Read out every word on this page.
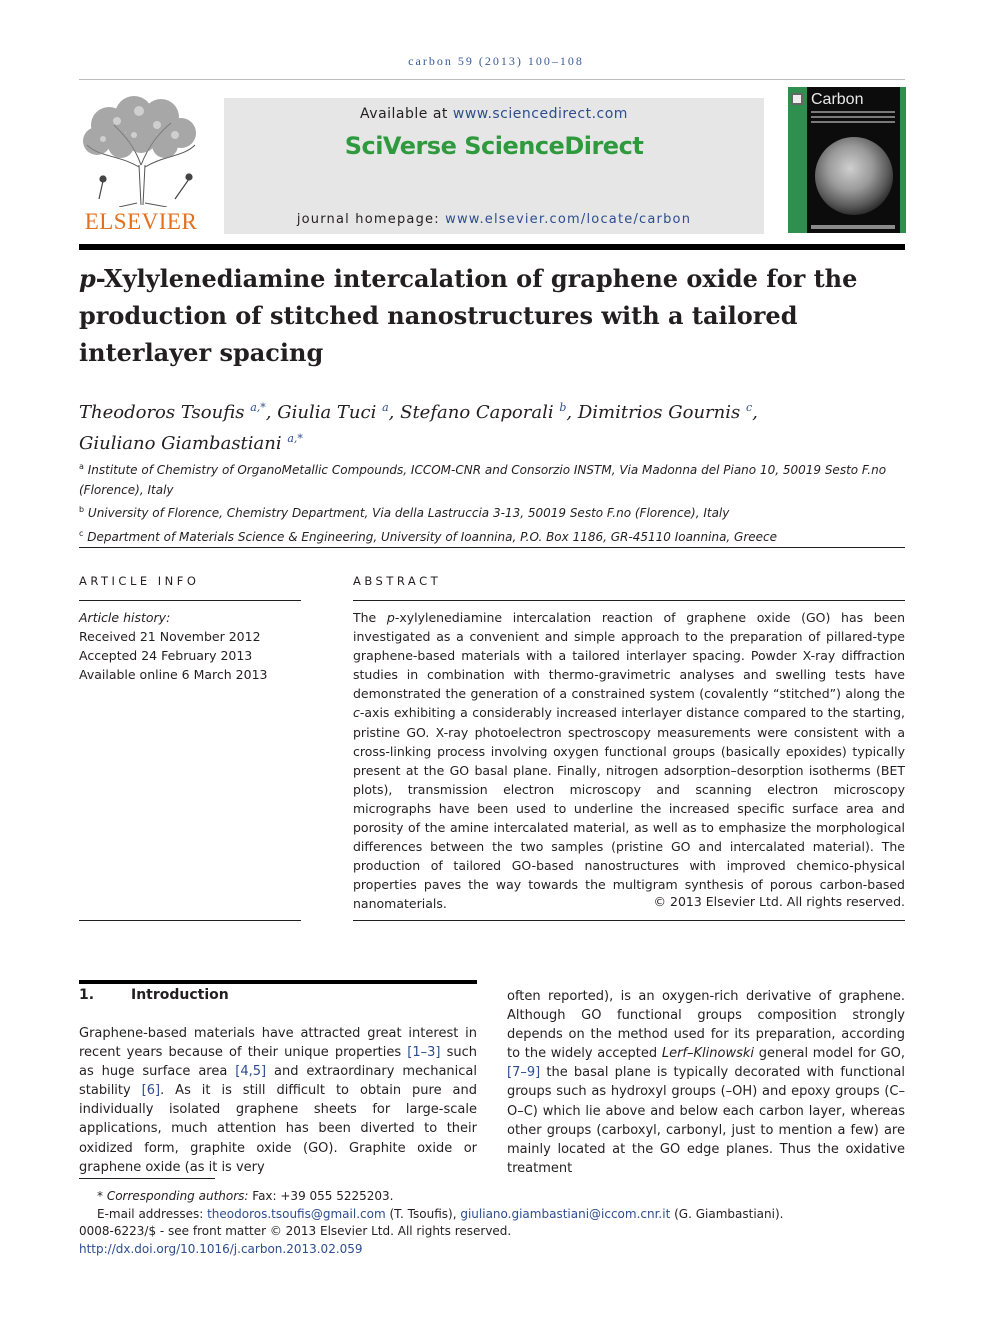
carbon 59 (2013) 100–108
ELSEVIER
Available at www.sciencedirect.com
SciVerse ScienceDirect
journal homepage: www.elsevier.com/locate/carbon
Carbon
p-Xylylenediamine intercalation of graphene oxide for the production of stitched nanostructures with a tailored interlayer spacing
Theodoros Tsoufis $^{a,*}$, Giulia Tuci $^a$, Stefano Caporali $^b$, Dimitrios Gournis $^c$,
Giuliano Giambastiani $^{a,*}$
$^a$ Institute of Chemistry of OrganoMetallic Compounds, ICCOM-CNR and Consorzio INSTM, Via Madonna del Piano 10, 50019 Sesto F.no (Florence), Italy
$^b$ University of Florence, Chemistry Department, Via della Lastruccia 3-13, 50019 Sesto F.no (Florence), Italy
$^c$ Department of Materials Science & Engineering, University of Ioannina, P.O. Box 1186, GR-45110 Ioannina, Greece
ARTICLE INFO	ABSTRACT
Article history:
Received 21 November 2012
Accepted 24 February 2013
Available online 6 March 2013
The p-xylylenediamine intercalation reaction of graphene oxide (GO) has been investigated as a convenient and simple approach to the preparation of pillared-type graphene-based materials with a tailored interlayer spacing. Powder X-ray diffraction studies in combination with thermo-gravimetric analyses and swelling tests have demonstrated the generation of a constrained system (covalently “stitched”) along the c-axis exhibiting a considerably increased interlayer distance compared to the starting, pristine GO. X-ray photoelectron spectroscopy measurements were consistent with a cross-linking process involving oxygen functional groups (basically epoxides) typically present at the GO basal plane. Finally, nitrogen adsorption–desorption isotherms (BET plots), transmission electron microscopy and scanning electron microscopy micrographs have been used to underline the increased specific surface area and porosity of the amine intercalated material, as well as to emphasize the morphological differences between the two samples (pristine GO and intercalated material). The production of tailored GO-based nanostructures with improved chemico-physical properties paves the way towards the multigram synthesis of porous carbon-based nanomaterials.	© 2013 Elsevier Ltd. All rights reserved.
1.	Introduction
Graphene-based materials have attracted great interest in recent years because of their unique properties [1–3] such as huge surface area [4,5] and extraordinary mechanical stability [6]. As it is still difficult to obtain pure and individually isolated graphene sheets for large-scale applications, much attention has been diverted to their oxidized form, graphite oxide (GO). Graphite oxide or graphene oxide (as it is very
often reported), is an oxygen-rich derivative of graphene. Although GO functional groups composition strongly depends on the method used for its preparation, according to the widely accepted Lerf–Klinowski general model for GO, [7–9] the basal plane is typically decorated with functional groups such as hydroxyl groups (–OH) and epoxy groups (C–O–C) which lie above and below each carbon layer, whereas other groups (carboxyl, carbonyl, just to mention a few) are mainly located at the GO edge planes. Thus the oxidative treatment
* Corresponding authors: Fax: +39 055 5225203.
E-mail addresses: theodoros.tsoufis@gmail.com (T. Tsoufis), giuliano.giambastiani@iccom.cnr.it (G. Giambastiani).
0008-6223/$ - see front matter © 2013 Elsevier Ltd. All rights reserved.
http://dx.doi.org/10.1016/j.carbon.2013.02.059
